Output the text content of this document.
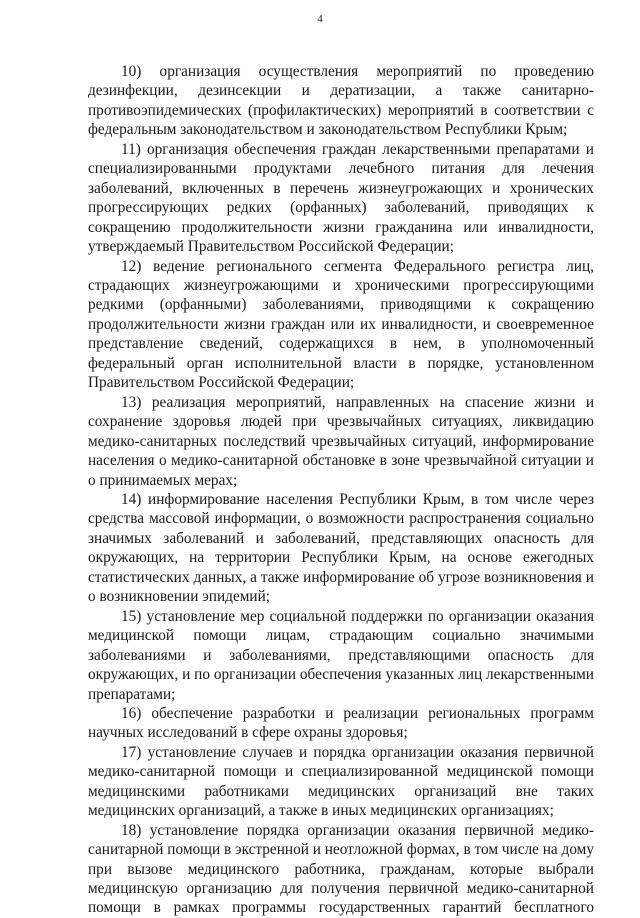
4

10) организация осуществления мероприятий по проведению дезинфекции, дезинсекции и дератизации, а также санитарно-противоэпидемических (профилактических) мероприятий в соответствии с федеральным законодательством и законодательством Республики Крым;

11) организация обеспечения граждан лекарственными препаратами и специализированными продуктами лечебного питания для лечения заболеваний, включенных в перечень жизнеугрожающих и хронических прогрессирующих редких (орфанных) заболеваний, приводящих к сокращению продолжительности жизни гражданина или инвалидности, утверждаемый Правительством Российской Федерации;

12) ведение регионального сегмента Федерального регистра лиц, страдающих жизнеугрожающими и хроническими прогрессирующими редкими (орфанными) заболеваниями, приводящими к сокращению продолжительности жизни граждан или их инвалидности, и своевременное представление сведений, содержащихся в нем, в уполномоченный федеральный орган исполнительной власти в порядке, установленном Правительством Российской Федерации;

13) реализация мероприятий, направленных на спасение жизни и сохранение здоровья людей при чрезвычайных ситуациях, ликвидацию медико-санитарных последствий чрезвычайных ситуаций, информирование населения о медико-санитарной обстановке в зоне чрезвычайной ситуации и о принимаемых мерах;

14) информирование населения Республики Крым, в том числе через средства массовой информации, о возможности распространения социально значимых заболеваний и заболеваний, представляющих опасность для окружающих, на территории Республики Крым, на основе ежегодных статистических данных, а также информирование об угрозе возникновения и о возникновении эпидемий;

15) установление мер социальной поддержки по организации оказания медицинской помощи лицам, страдающим социально значимыми заболеваниями и заболеваниями, представляющими опасность для окружающих, и по организации обеспечения указанных лиц лекарственными препаратами;

16) обеспечение разработки и реализации региональных программ научных исследований в сфере охраны здоровья;

17) установление случаев и порядка организации оказания первичной медико-санитарной помощи и специализированной медицинской помощи медицинскими работниками медицинских организаций вне таких медицинских организаций, а также в иных медицинских организациях;

18) установление порядка организации оказания первичной медико-санитарной помощи в экстренной и неотложной формах, в том числе на дому при вызове медицинского работника, гражданам, которые выбрали медицинскую организацию для получения первичной медико-санитарной помощи в рамках программы государственных гарантий бесплатного
